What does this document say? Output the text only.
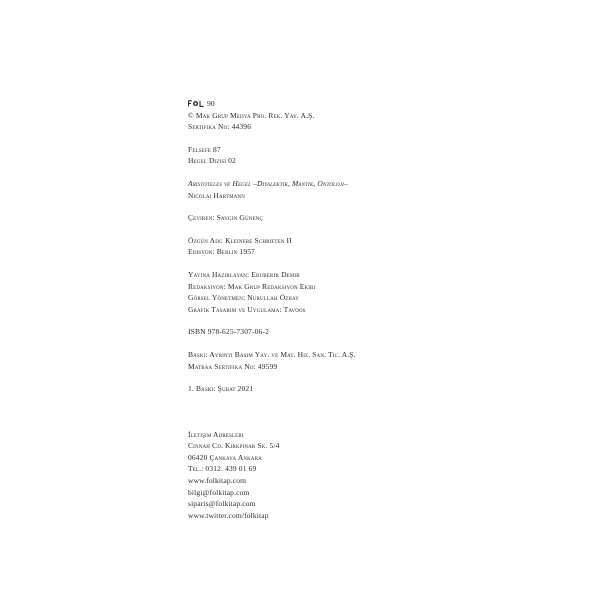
90
© Mak Grup Medya Pro. Rek. Yay. A.Ş.
Sertifika No: 44396
Felsefe 87
Hegel Dizisi 02
Aristoteles ve Hegel –Diyalektik, Mantık, Ontoloji–
Nicolai Hartmann
Çeviren: Saygın Günenç
Özgün Adı: Kleinere Schriften II
Edisyon: Berlin 1957
Yayına Hazırlayan: Ebubekir Demir
Redaksiyon: Mak Grup Redaksiyon Ekibi
Görsel Yönetmen: Nurullah Özbay
Grafik Tasarım ve Uygulama: Tavoos
ISBN 978-625-7307-06-2
Baskı: Ayrıntı Basım Yay. ve Mat. Hiz. San. Tic. A.Ş.
Matbaa Sertifika No: 49599
1. Baskı: Şubat 2021
İletişim Adresleri
Cinnah Cd. Kırkpınar Sk. 5/4
06420 Çankaya Ankara
Tel.: 0312. 439 01 69
www.folkitap.com
bilgi@folkitap.com
siparis@folkitap.com
www.twitter.com/folkitap
